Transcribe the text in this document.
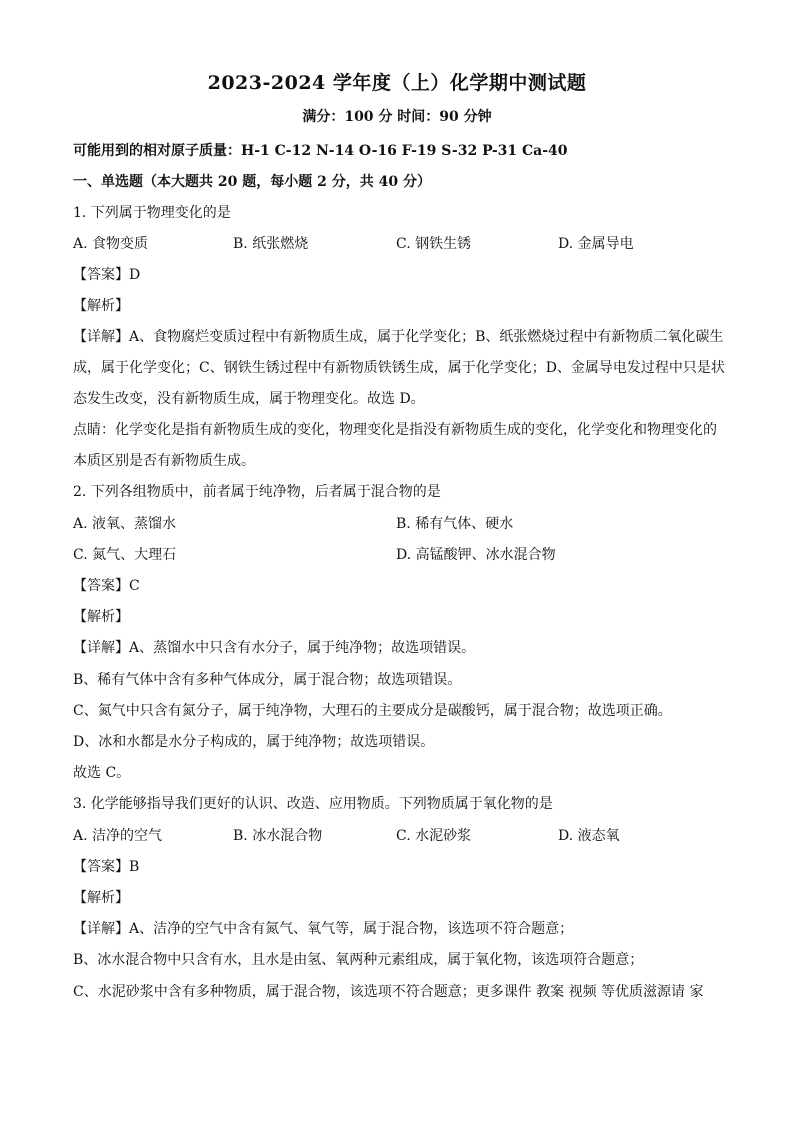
2023-2024 学年度（上）化学期中测试题
满分：100 分 时间：90 分钟
可能用到的相对原子质量：H-1 C-12 N-14 O-16 F-19 S-32 P-31 Ca-40
一、单选题（本大题共 20 题，每小题 2 分，共 40 分）
1. 下列属于物理变化的是
A. 食物变质	B. 纸张燃烧	C. 钢铁生锈	D. 金属导电
【答案】D
【解析】
【详解】A、食物腐烂变质过程中有新物质生成，属于化学变化；B、纸张燃烧过程中有新物质二氧化碳生
成，属于化学变化；C、钢铁生锈过程中有新物质铁锈生成，属于化学变化；D、金属导电发过程中只是状
态发生改变，没有新物质生成，属于物理变化。故选 D。
点睛：化学变化是指有新物质生成的变化，物理变化是指没有新物质生成的变化，化学变化和物理变化的
本质区别是否有新物质生成。
2. 下列各组物质中，前者属于纯净物，后者属于混合物的是
A. 液氧、蒸馏水	B. 稀有气体、硬水
C. 氮气、大理石	D. 高锰酸钾、冰水混合物
【答案】C
【解析】
【详解】A、蒸馏水中只含有水分子，属于纯净物；故选项错误。
B、稀有气体中含有多种气体成分，属于混合物；故选项错误。
C、氮气中只含有氮分子，属于纯净物，大理石的主要成分是碳酸钙，属于混合物；故选项正确。
D、冰和水都是水分子构成的，属于纯净物；故选项错误。
故选 C。
3. 化学能够指导我们更好的认识、改造、应用物质。下列物质属于氧化物的是
A. 洁净的空气	B. 冰水混合物	C. 水泥砂浆	D. 液态氧
【答案】B
【解析】
【详解】A、洁净的空气中含有氮气、氧气等，属于混合物，该选项不符合题意；
B、冰水混合物中只含有水，且水是由氢、氧两种元素组成，属于氧化物，该选项符合题意；
C、水泥砂浆中含有多种物质，属于混合物，该选项不符合题意；更多课件 教案 视频 等优质滋源请 家
